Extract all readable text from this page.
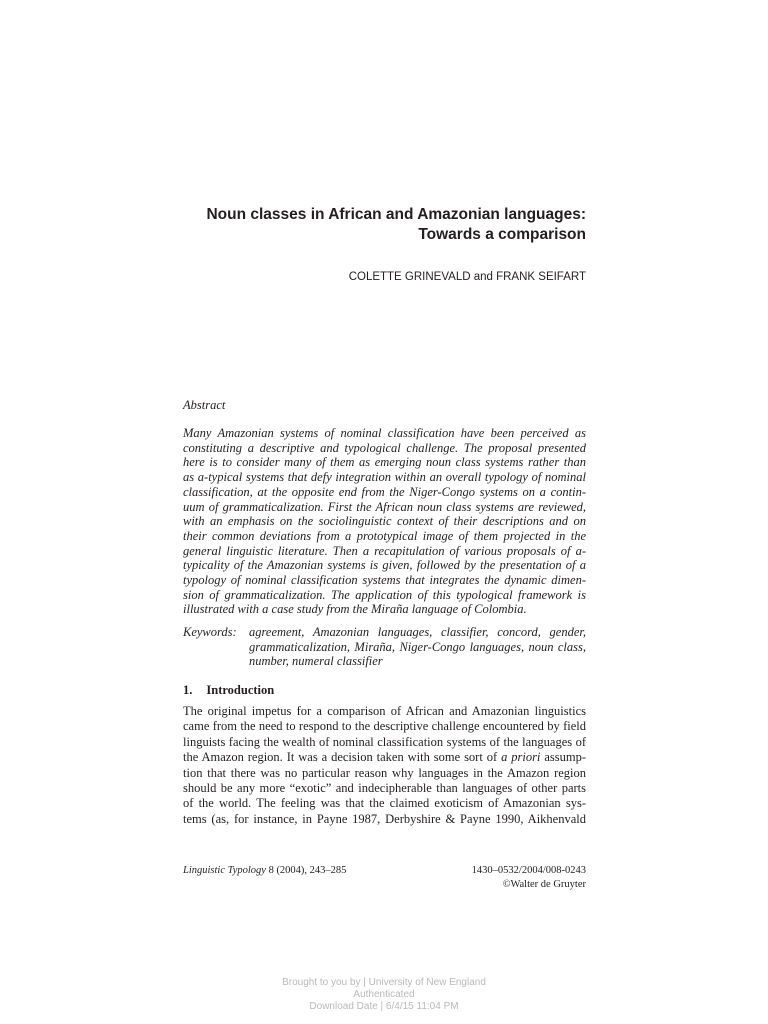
Noun classes in African and Amazonian languages:
Towards a comparison
COLETTE GRINEVALD and FRANK SEIFART
Abstract
Many Amazonian systems of nominal classification have been perceived as
constituting a descriptive and typological challenge. The proposal presented
here is to consider many of them as emerging noun class systems rather than
as a-typical systems that defy integration within an overall typology of nominal
classification, at the opposite end from the Niger-Congo systems on a contin-
uum of grammaticalization. First the African noun class systems are reviewed,
with an emphasis on the sociolinguistic context of their descriptions and on
their common deviations from a prototypical image of them projected in the
general linguistic literature. Then a recapitulation of various proposals of a-
typicality of the Amazonian systems is given, followed by the presentation of a
typology of nominal classification systems that integrates the dynamic dimen-
sion of grammaticalization. The application of this typological framework is
illustrated with a case study from the Miraña language of Colombia.
Keywords: agreement, Amazonian languages, classifier, concord, gender,
grammaticalization, Miraña, Niger-Congo languages, noun class,
number, numeral classifier
1. Introduction
The original impetus for a comparison of African and Amazonian linguistics
came from the need to respond to the descriptive challenge encountered by field
linguists facing the wealth of nominal classification systems of the languages of
the Amazon region. It was a decision taken with some sort of a priori assump-
tion that there was no particular reason why languages in the Amazon region
should be any more “exotic” and indecipherable than languages of other parts
of the world. The feeling was that the claimed exoticism of Amazonian sys-
tems (as, for instance, in Payne 1987, Derbyshire & Payne 1990, Aikhenvald
Linguistic Typology 8 (2004), 243–285	1430–0532/2004/008-0243
©Walter de Gruyter
Brought to you by | University of New England
Authenticated
Download Date | 6/4/15 11:04 PM
